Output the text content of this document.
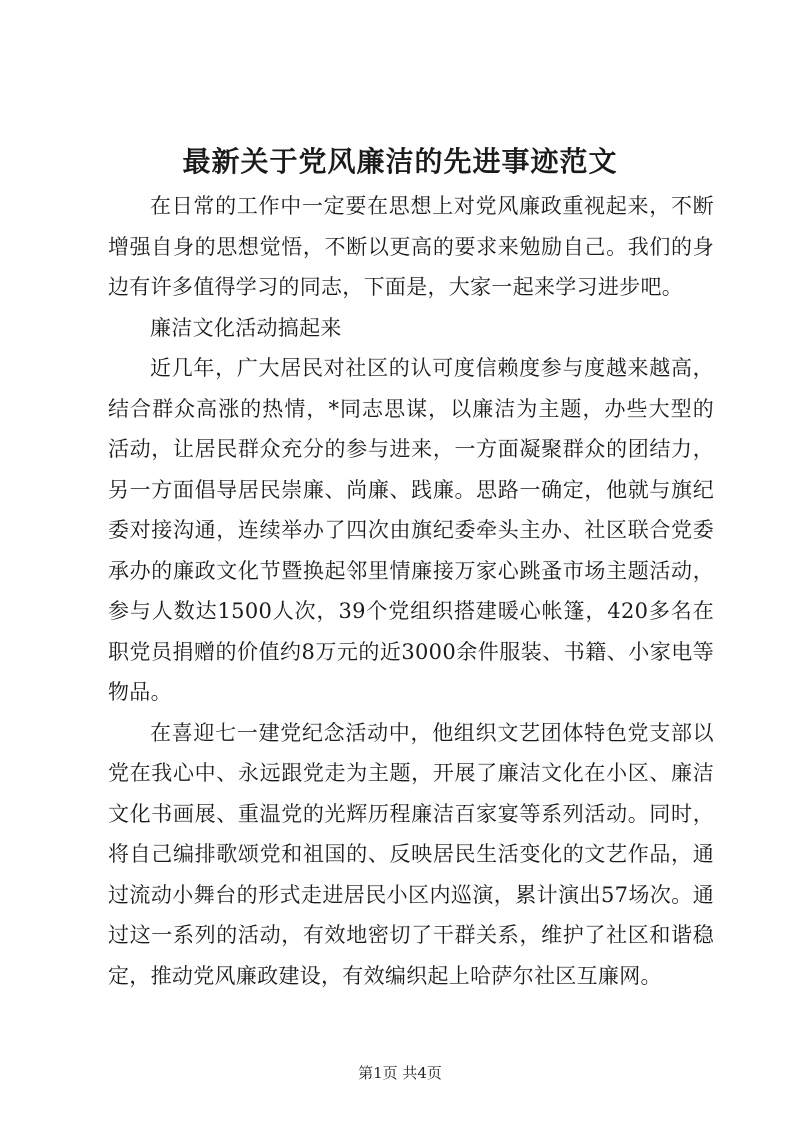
最新关于党风廉洁的先进事迹范文

在日常的工作中一定要在思想上对党风廉政重视起来，不断增强自身的思想觉悟，不断以更高的要求来勉励自己。我们的身边有许多值得学习的同志，下面是，大家一起来学习进步吧。

廉洁文化活动搞起来

近几年，广大居民对社区的认可度信赖度参与度越来越高，结合群众高涨的热情，*同志思谋，以廉洁为主题，办些大型的活动，让居民群众充分的参与进来，一方面凝聚群众的团结力，另一方面倡导居民崇廉、尚廉、践廉。思路一确定，他就与旗纪委对接沟通，连续举办了四次由旗纪委牵头主办、社区联合党委承办的廉政文化节暨换起邻里情廉接万家心跳蚤市场主题活动，参与人数达1500人次，39个党组织搭建暖心帐篷，420多名在职党员捐赠的价值约8万元的近3000余件服装、书籍、小家电等物品。

在喜迎七一建党纪念活动中，他组织文艺团体特色党支部以党在我心中、永远跟党走为主题，开展了廉洁文化在小区、廉洁文化书画展、重温党的光辉历程廉洁百家宴等系列活动。同时，将自己编排歌颂党和祖国的、反映居民生活变化的文艺作品，通过流动小舞台的形式走进居民小区内巡演，累计演出57场次。通过这一系列的活动，有效地密切了干群关系，维护了社区和谐稳定，推动党风廉政建设，有效编织起上哈萨尔社区互廉网。

第1页 共4页
